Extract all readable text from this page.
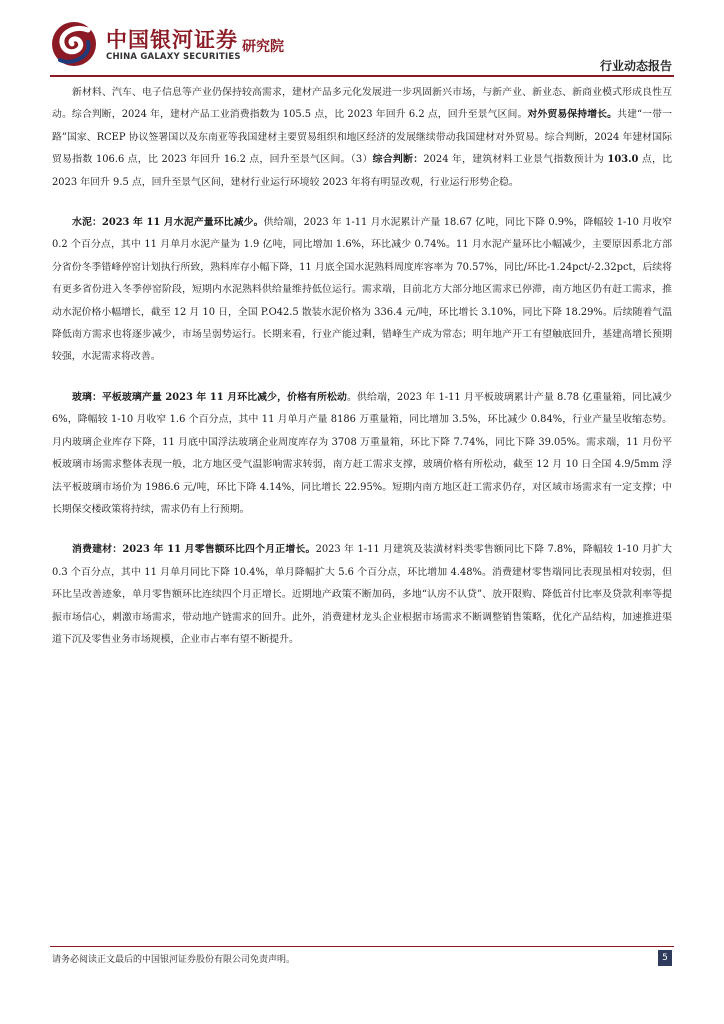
中国银河证券
CHINA GALAXY SECURITIES
研究院
行业动态报告

新材料、汽车、电子信息等产业仍保持较高需求，建材产品多元化发展进一步巩固新兴市场，与新产业、新业态、新商业模式形成良性互动。综合判断，2024 年，建材产品工业消费指数为 105.5 点，比 2023 年回升 6.2 点，回升至景气区间。对外贸易保持增长。共建“一带一路”国家、RCEP 协议签署国以及东南亚等我国建材主要贸易组织和地区经济的发展继续带动我国建材对外贸易。综合判断，2024 年建材国际贸易指数 106.6 点，比 2023 年回升 16.2 点，回升至景气区间。（3）综合判断：2024 年，建筑材料工业景气指数预计为 103.0 点，比 2023 年回升 9.5 点，回升至景气区间，建材行业运行环境较 2023 年将有明显改观，行业运行形势企稳。

水泥：2023 年 11 月水泥产量环比减少。供给端，2023 年 1-11 月水泥累计产量 18.67 亿吨，同比下降 0.9%，降幅较 1-10 月收窄 0.2 个百分点，其中 11 月单月水泥产量为 1.9 亿吨，同比增加 1.6%，环比减少 0.74%。11 月水泥产量环比小幅减少，主要原因系北方部分省份冬季错峰停窑计划执行所致，熟料库存小幅下降，11 月底全国水泥熟料周度库容率为 70.57%，同比/环比-1.24pct/-2.32pct，后续将有更多省份进入冬季停窑阶段，短期内水泥熟料供给量维持低位运行。需求端，目前北方大部分地区需求已停滞，南方地区仍有赶工需求，推动水泥价格小幅增长，截至 12 月 10 日，全国 P.O42.5 散装水泥价格为 336.4 元/吨，环比增长 3.10%，同比下降 18.29%。后续随着气温降低南方需求也将逐步减少，市场呈弱势运行。长期来看，行业产能过剩，错峰生产成为常态；明年地产开工有望触底回升，基建高增长预期较强，水泥需求将改善。

玻璃：平板玻璃产量 2023 年 11 月环比减少，价格有所松动。供给端，2023 年 1-11 月平板玻璃累计产量 8.78 亿重量箱，同比减少 6%，降幅较 1-10 月收窄 1.6 个百分点，其中 11 月单月产量 8186 万重量箱，同比增加 3.5%，环比减少 0.84%，行业产量呈收缩态势。月内玻璃企业库存下降，11 月底中国浮法玻璃企业周度库存为 3708 万重量箱，环比下降 7.74%，同比下降 39.05%。需求端，11 月份平板玻璃市场需求整体表现一般，北方地区受气温影响需求转弱，南方赶工需求支撑，玻璃价格有所松动，截至 12 月 10 日全国 4.9/5mm 浮法平板玻璃市场价为 1986.6 元/吨，环比下降 4.14%，同比增长 22.95%。短期内南方地区赶工需求仍存，对区域市场需求有一定支撑；中长期保交楼政策将持续，需求仍有上行预期。

消费建材：2023 年 11 月零售额环比四个月正增长。2023 年 1-11 月建筑及装潢材料类零售额同比下降 7.8%，降幅较 1-10 月扩大 0.3 个百分点，其中 11 月单月同比下降 10.4%，单月降幅扩大 5.6 个百分点，环比增加 4.48%。消费建材零售端同比表现虽相对较弱，但环比呈改善迹象，单月零售额环比连续四个月正增长。近期地产政策不断加码，多地“认房不认贷”、放开限购、降低首付比率及贷款利率等提振市场信心，刺激市场需求，带动地产链需求的回升。此外，消费建材龙头企业根据市场需求不断调整销售策略，优化产品结构，加速推进渠道下沉及零售业务市场规模，企业市占率有望不断提升。

请务必阅读正文最后的中国银河证券股份有限公司免责声明。	5
